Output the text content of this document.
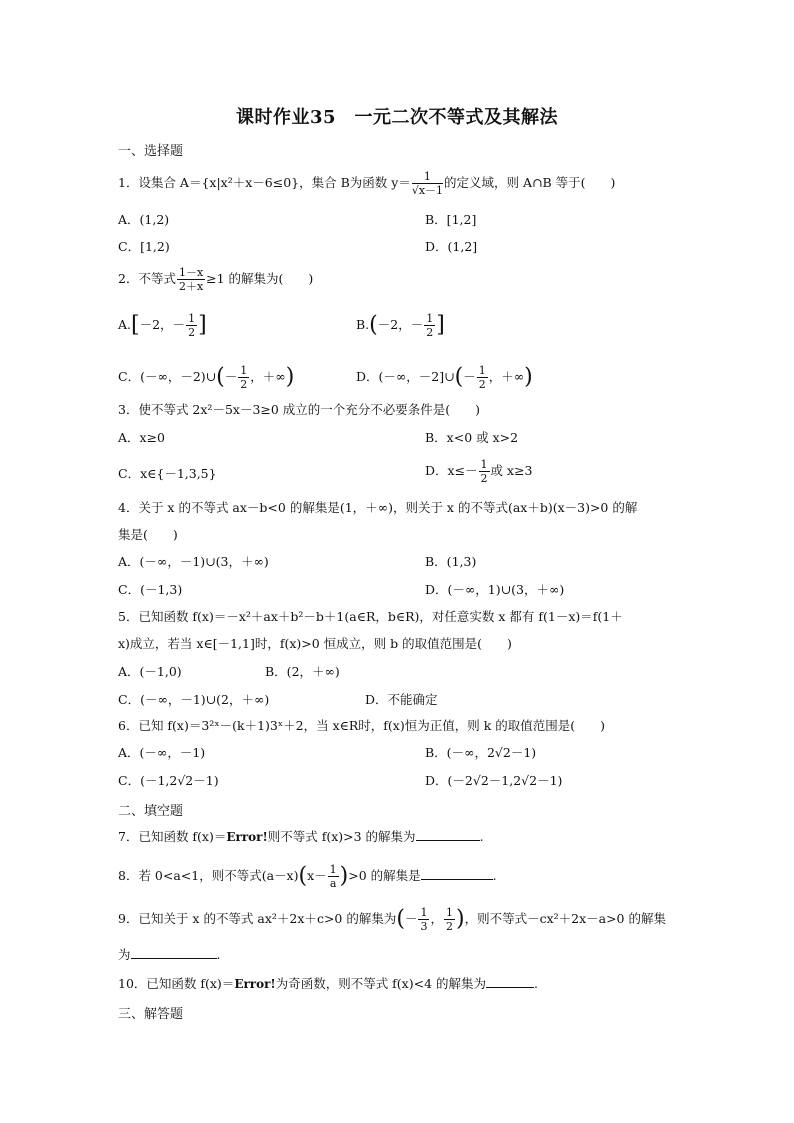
课时作业35　一元二次不等式及其解法
一、选择题
1．设集合 A＝{x|x²＋x－6≤0}，集合 B为函数 $y= \frac{1}{√x-1}$ 的定义域，则 A∩B 等于(　　)
A．(1,2)	B．[1,2]
C．[1,2)	D．(1,2]
2．不等式 $\frac{1-x}{2+x} \ge 1$ 的解集为(　　)
A.[－2，－ $\frac{1}{2}$ ]	B.(－2，－ $\frac{1}{2}$ ]
C．(－∞，－2)∪(－ $\frac{1}{2}$ ，＋∞)	D．(－∞，－2]∪(－ $\frac{1}{2}$ ，＋∞)
3．使不等式 2x²－5x－3≥0 成立的一个充分不必要条件是(　　)
A．x≥0	B．x<0 或 x>2
C．x∈{－1,3,5}	D．$x\le- \frac{1}{2}$ 或 x≥3
4．关于 x 的不等式 ax－b<0 的解集是(1，＋∞)，则关于 x 的不等式(ax＋b)(x－3)>0 的解
集是(　　)
A．(－∞，－1)∪(3，＋∞)	B．(1,3)
C．(－1,3)	D．(－∞，1)∪(3，＋∞)
5．已知函数 f(x)＝－x²＋ax＋b²－b＋1(a∈R，b∈R)，对任意实数 x 都有 f(1－x)＝f(1＋
x)成立，若当 x∈[－1,1]时，f(x)>0 恒成立，则 b 的取值范围是(　　)
A．(－1,0)	B．(2，＋∞)
C．(－∞，－1)∪(2，＋∞)	D．不能确定
6．已知 f(x)＝3²ˣ－(k＋1)3ˣ＋2，当 x∈R时，f(x)恒为正值，则 k 的取值范围是(　　)
A．(－∞，－1)	B．(－∞，2√2－1)
C．(－1,2√2－1)	D．(－2√2－1,2√2－1)
二、填空题
7．已知函数 f(x)＝Error!则不等式 f(x)>3 的解集为	.
8．若 0<a<1，则不等式$(a-x)(x- \frac{1}{a} )>0$ 的解集是	.
9．已知关于 x 的不等式 ax²＋2x＋c>0 的解集为(－ $\frac{1}{3}$ ， $\frac{1}{2}$ )，则不等式－cx²＋2x－a>0 的解集
为	.
10．已知函数 f(x)＝Error!为奇函数，则不等式 f(x)<4 的解集为	.
三、解答题
